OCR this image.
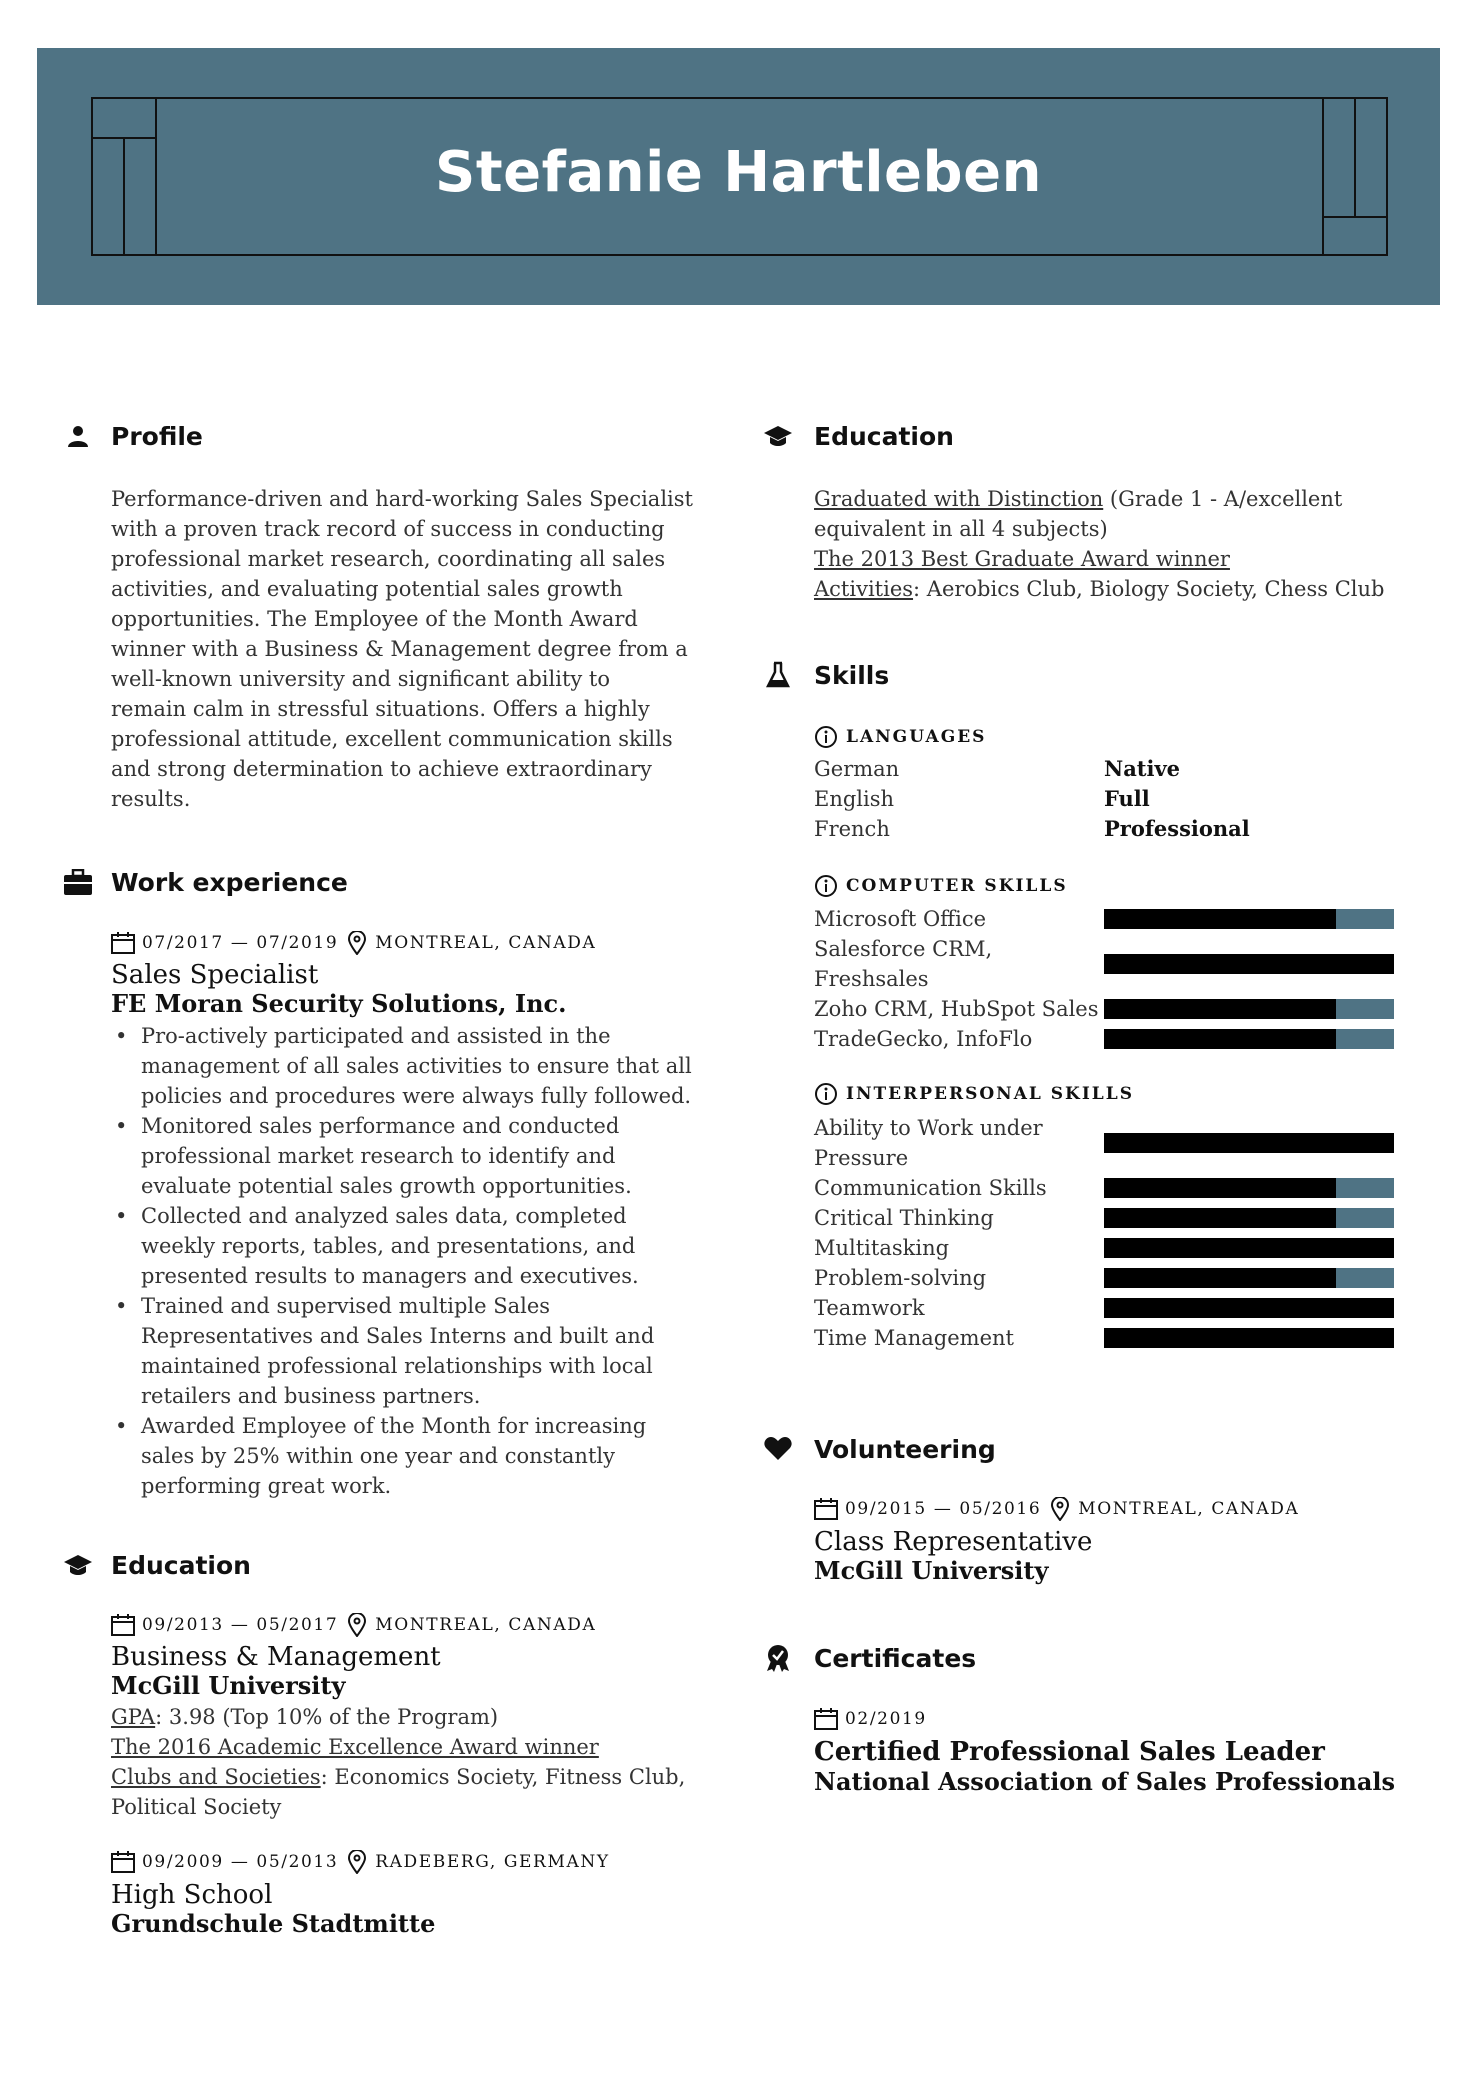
Stefanie Hartleben
Profile
Performance-driven and hard-working Sales Specialist
with a proven track record of success in conducting
professional market research, coordinating all sales
activities, and evaluating potential sales growth
opportunities. The Employee of the Month Award
winner with a Business & Management degree from a
well-known university and significant ability to
remain calm in stressful situations. Offers a highly
professional attitude, excellent communication skills
and strong determination to achieve extraordinary
results.
Work experience
07/2017 — 07/2019 MONTREAL, CANADA
Sales Specialist
FE Moran Security Solutions, Inc.
• Pro-actively participated and assisted in the
management of all sales activities to ensure that all
policies and procedures were always fully followed.
• Monitored sales performance and conducted
professional market research to identify and
evaluate potential sales growth opportunities.
• Collected and analyzed sales data, completed
weekly reports, tables, and presentations, and
presented results to managers and executives.
• Trained and supervised multiple Sales
Representatives and Sales Interns and built and
maintained professional relationships with local
retailers and business partners.
• Awarded Employee of the Month for increasing
sales by 25% within one year and constantly
performing great work.
Education
09/2013 — 05/2017 MONTREAL, CANADA
Business & Management
McGill University
GPA: 3.98 (Top 10% of the Program)
The 2016 Academic Excellence Award winner
Clubs and Societies: Economics Society, Fitness Club,
Political Society
09/2009 — 05/2013 RADEBERG, GERMANY
High School
Grundschule Stadtmitte
Education
Graduated with Distinction (Grade 1 - A/excellent
equivalent in all 4 subjects)
The 2013 Best Graduate Award winner
Activities: Aerobics Club, Biology Society, Chess Club
Skills
LANGUAGES
German	Native
English	Full
French	Professional
COMPUTER SKILLS
Microsoft Office
Salesforce CRM,
Freshsales
Zoho CRM, HubSpot Sales
TradeGecko, InfoFlo
INTERPERSONAL SKILLS
Ability to Work under
Pressure
Communication Skills
Critical Thinking
Multitasking
Problem-solving
Teamwork
Time Management
Volunteering
09/2015 — 05/2016 MONTREAL, CANADA
Class Representative
McGill University
Certificates
02/2019
Certified Professional Sales Leader
National Association of Sales Professionals
